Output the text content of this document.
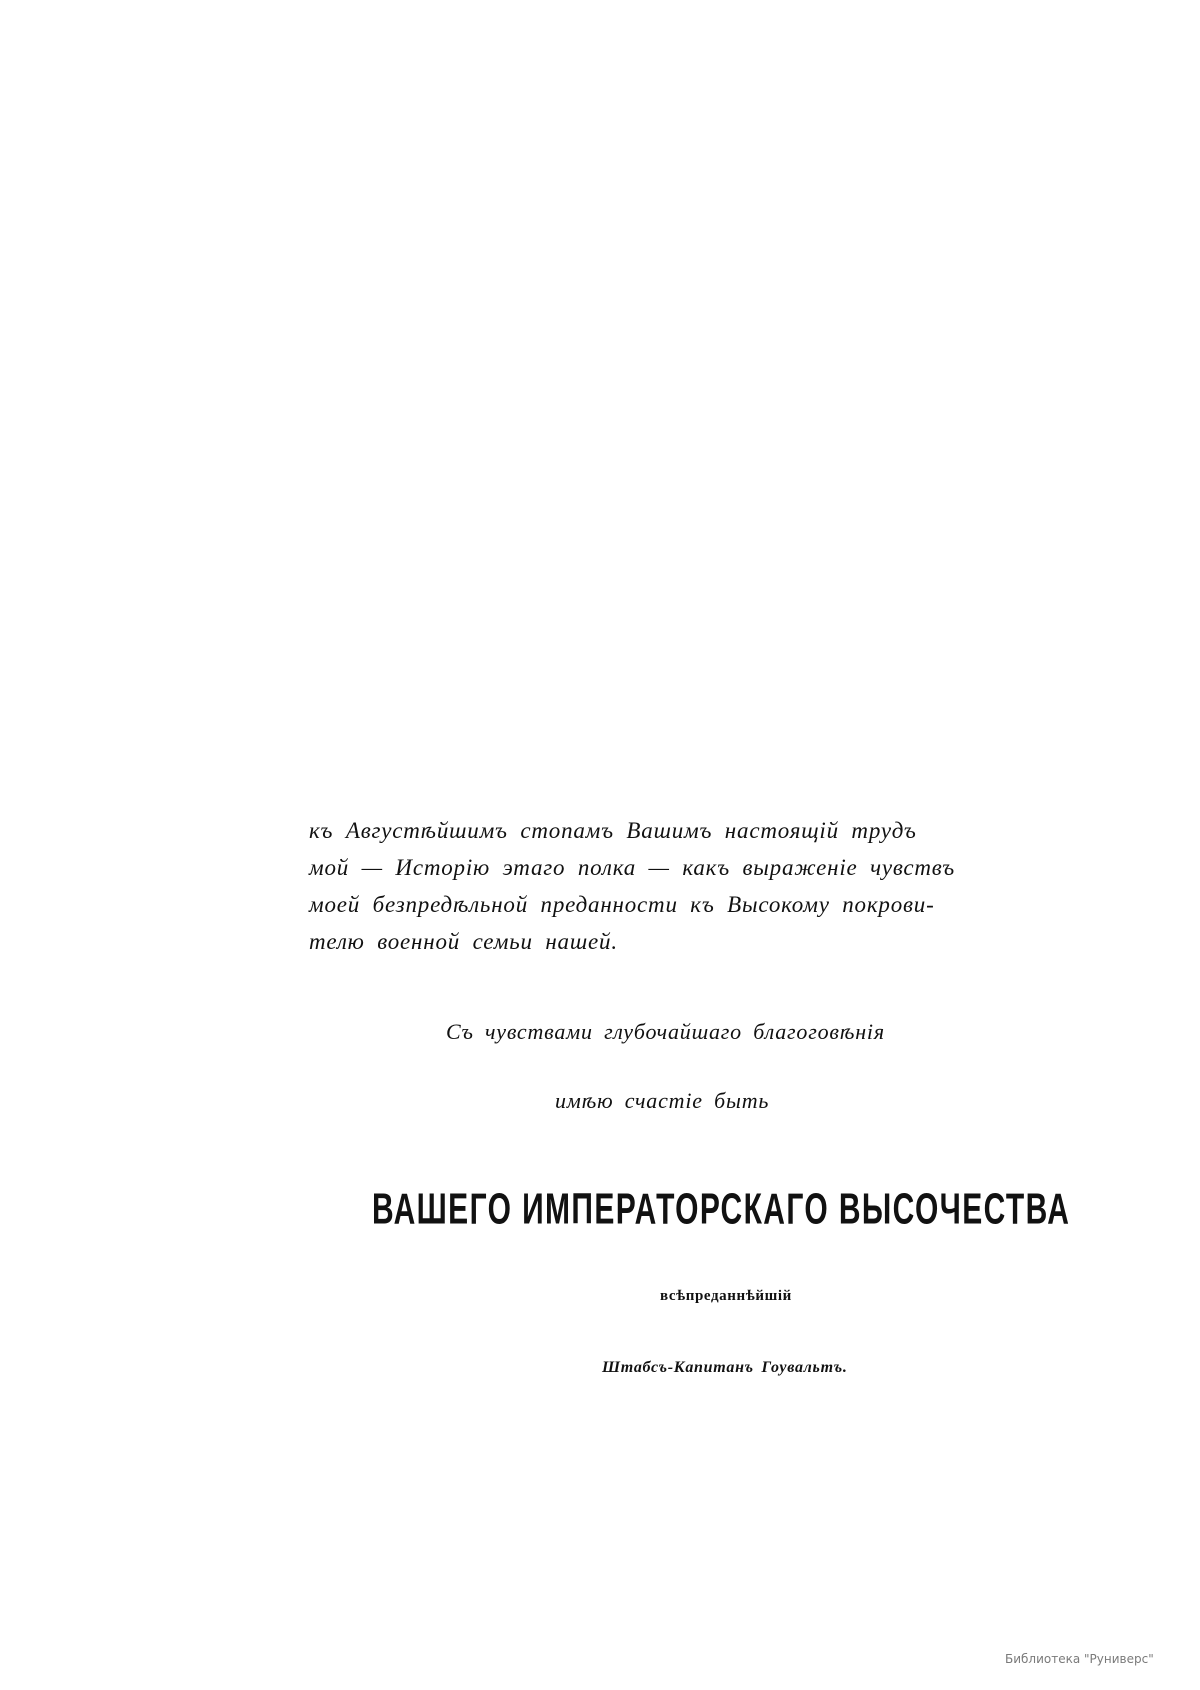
къ Августѣйшимъ стопамъ Вашимъ настоящій трудъ
мой — Исторію этаго полка — какъ выраженіе чувствъ
моей безпредѣльной преданности къ Высокому покрови-
телю военной семьи нашей.
Съ чувствами глубочайшаго благоговѣнія
имѣю счастіе быть
ВАШЕГО ИМПЕРАТОРСКАГО ВЫСОЧЕСТВА
всѣпреданнѣйшій
Штабсъ-Капитанъ Гоувальтъ.
Библиотека "Руниверс"
